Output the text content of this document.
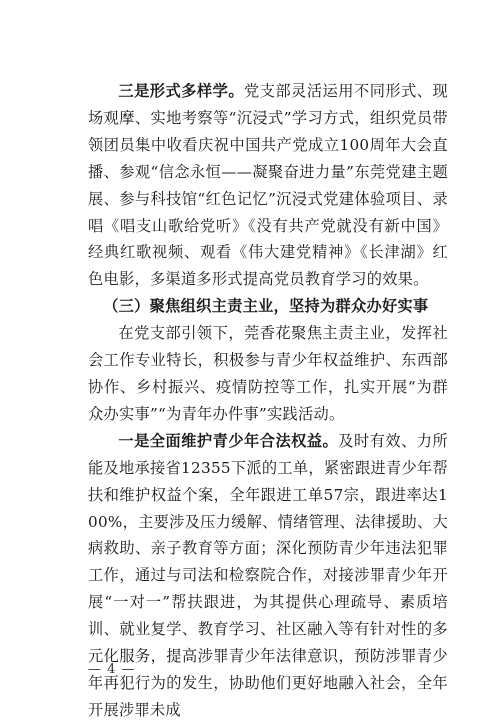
三是形式多样学。党支部灵活运用不同形式、现场观摩、实地考察等“沉浸式”学习方式，组织党员带领团员集中收看庆祝中国共产党成立100周年大会直播、参观“信念永恒——凝聚奋进力量”东莞党建主题展、参与科技馆“红色记忆”沉浸式党建体验项目、录唱《唱支山歌给党听》《没有共产党就没有新中国》经典红歌视频、观看《伟大建党精神》《长津湖》红色电影，多渠道多形式提高党员教育学习的效果。

（三）聚焦组织主责主业，坚持为群众办好实事

在党支部引领下，莞香花聚焦主责主业，发挥社会工作专业特长，积极参与青少年权益维护、东西部协作、乡村振兴、疫情防控等工作，扎实开展“为群众办实事”“为青年办件事”实践活动。

一是全面维护青少年合法权益。及时有效、力所能及地承接省12355下派的工单，紧密跟进青少年帮扶和维护权益个案，全年跟进工单57宗，跟进率达100%，主要涉及压力缓解、情绪管理、法律援助、大病救助、亲子教育等方面；深化预防青少年违法犯罪工作，通过与司法和检察院合作，对接涉罪青少年开展“一对一”帮扶跟进，为其提供心理疏导、素质培训、就业复学、教育学习、社区融入等有针对性的多元化服务，提高涉罪青少年法律意识，预防涉罪青少年再犯行为的发生，协助他们更好地融入社会，全年开展涉罪未成

— 4 —
